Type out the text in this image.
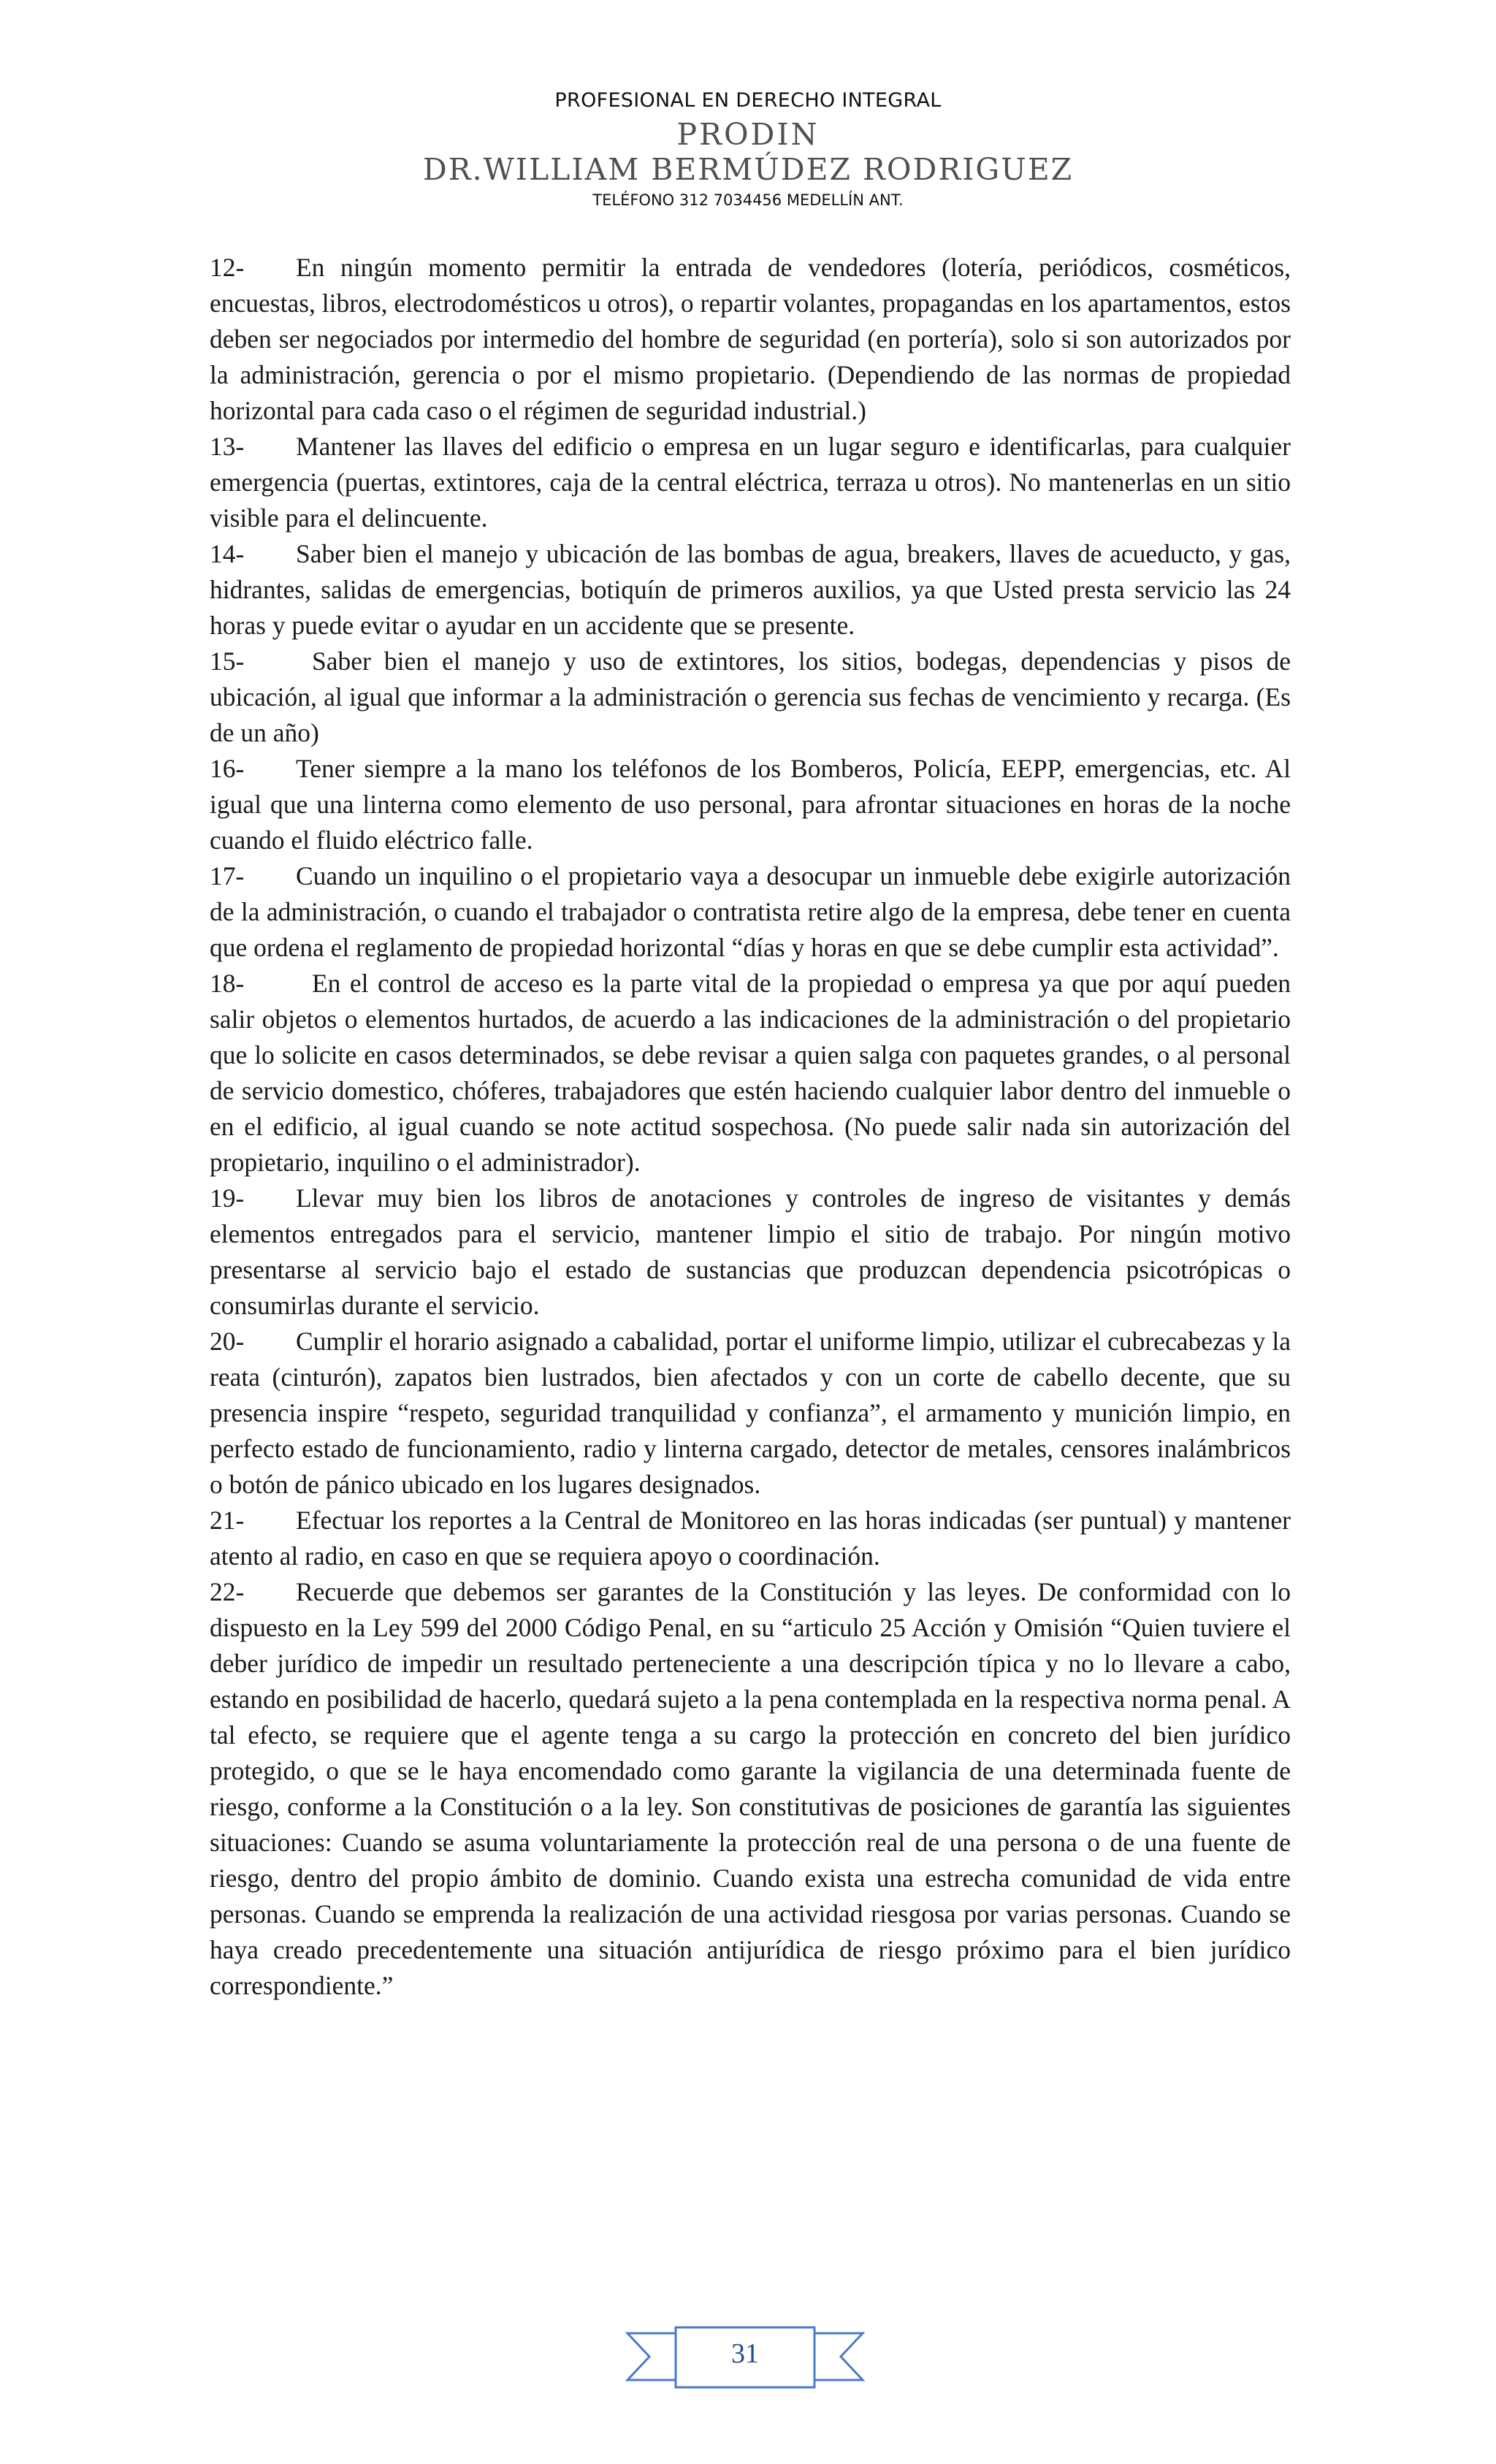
PROFESIONAL EN DERECHO INTEGRAL
PRODIN
DR.WILLIAM BERMÚDEZ RODRIGUEZ
TELÉFONO 312 7034456 MEDELLÍN ANT.

12- En ningún momento permitir la entrada de vendedores (lotería, periódicos, cosméticos, encuestas, libros, electrodomésticos u otros), o repartir volantes, propagandas en los apartamentos, estos deben ser negociados por intermedio del hombre de seguridad (en portería), solo si son autorizados por la administración, gerencia o por el mismo propietario. (Dependiendo de las normas de propiedad horizontal para cada caso o el régimen de seguridad industrial.)

13- Mantener las llaves del edificio o empresa en un lugar seguro e identificarlas, para cualquier emergencia (puertas, extintores, caja de la central eléctrica, terraza u otros). No mantenerlas en un sitio visible para el delincuente.

14- Saber bien el manejo y ubicación de las bombas de agua, breakers, llaves de acueducto, y gas, hidrantes, salidas de emergencias, botiquín de primeros auxilios, ya que Usted presta servicio las 24 horas y puede evitar o ayudar en un accidente que se presente.

15-	Saber bien el manejo y uso de extintores, los sitios, bodegas, dependencias y pisos de ubicación, al igual que informar a la administración o gerencia sus fechas de vencimiento y recarga. (Es de un año)

16- Tener siempre a la mano los teléfonos de los Bomberos, Policía, EEPP, emergencias, etc. Al igual que una linterna como elemento de uso personal, para afrontar situaciones en horas de la noche cuando el fluido eléctrico falle.

17- Cuando un inquilino o el propietario vaya a desocupar un inmueble debe exigirle autorización de la administración, o cuando el trabajador o contratista retire algo de la empresa, debe tener en cuenta que ordena el reglamento de propiedad horizontal “días y horas en que se debe cumplir esta actividad”.

18-	En el control de acceso es la parte vital de la propiedad o empresa ya que por aquí pueden salir objetos o elementos hurtados, de acuerdo a las indicaciones de la administración o del propietario que lo solicite en casos determinados, se debe revisar a quien salga con paquetes grandes, o al personal de servicio domestico, chóferes, trabajadores que estén haciendo cualquier labor dentro del inmueble o en el edificio, al igual cuando se note actitud sospechosa. (No puede salir nada sin autorización del propietario, inquilino o el administrador).

19- Llevar muy bien los libros de anotaciones y controles de ingreso de visitantes y demás elementos entregados para el servicio, mantener limpio el sitio de trabajo. Por ningún motivo presentarse al servicio bajo el estado de sustancias que produzcan dependencia psicotrópicas o consumirlas durante el servicio.

20- Cumplir el horario asignado a cabalidad, portar el uniforme limpio, utilizar el cubrecabezas y la reata (cinturón), zapatos bien lustrados, bien afectados y con un corte de cabello decente, que su presencia inspire “respeto, seguridad tranquilidad y confianza”, el armamento y munición limpio, en perfecto estado de funcionamiento, radio y linterna cargado, detector de metales, censores inalámbricos o botón de pánico ubicado en los lugares designados.

21- Efectuar los reportes a la Central de Monitoreo en las horas indicadas (ser puntual) y mantener atento al radio, en caso en que se requiera apoyo o coordinación.

22- Recuerde que debemos ser garantes de la Constitución y las leyes. De conformidad con lo dispuesto en la Ley 599 del 2000 Código Penal, en su “articulo 25 Acción y Omisión “Quien tuviere el deber jurídico de impedir un resultado perteneciente a una descripción típica y no lo llevare a cabo, estando en posibilidad de hacerlo, quedará sujeto a la pena contemplada en la respectiva norma penal. A tal efecto, se requiere que el agente tenga a su cargo la protección en concreto del bien jurídico protegido, o que se le haya encomendado como garante la vigilancia de una determinada fuente de riesgo, conforme a la Constitución o a la ley. Son constitutivas de posiciones de garantía las siguientes situaciones: Cuando se asuma voluntariamente la protección real de una persona o de una fuente de riesgo, dentro del propio ámbito de dominio. Cuando exista una estrecha comunidad de vida entre personas. Cuando se emprenda la realización de una actividad riesgosa por varias personas. Cuando se haya creado precedentemente una situación antijurídica de riesgo próximo para el bien jurídico correspondiente.”

31
